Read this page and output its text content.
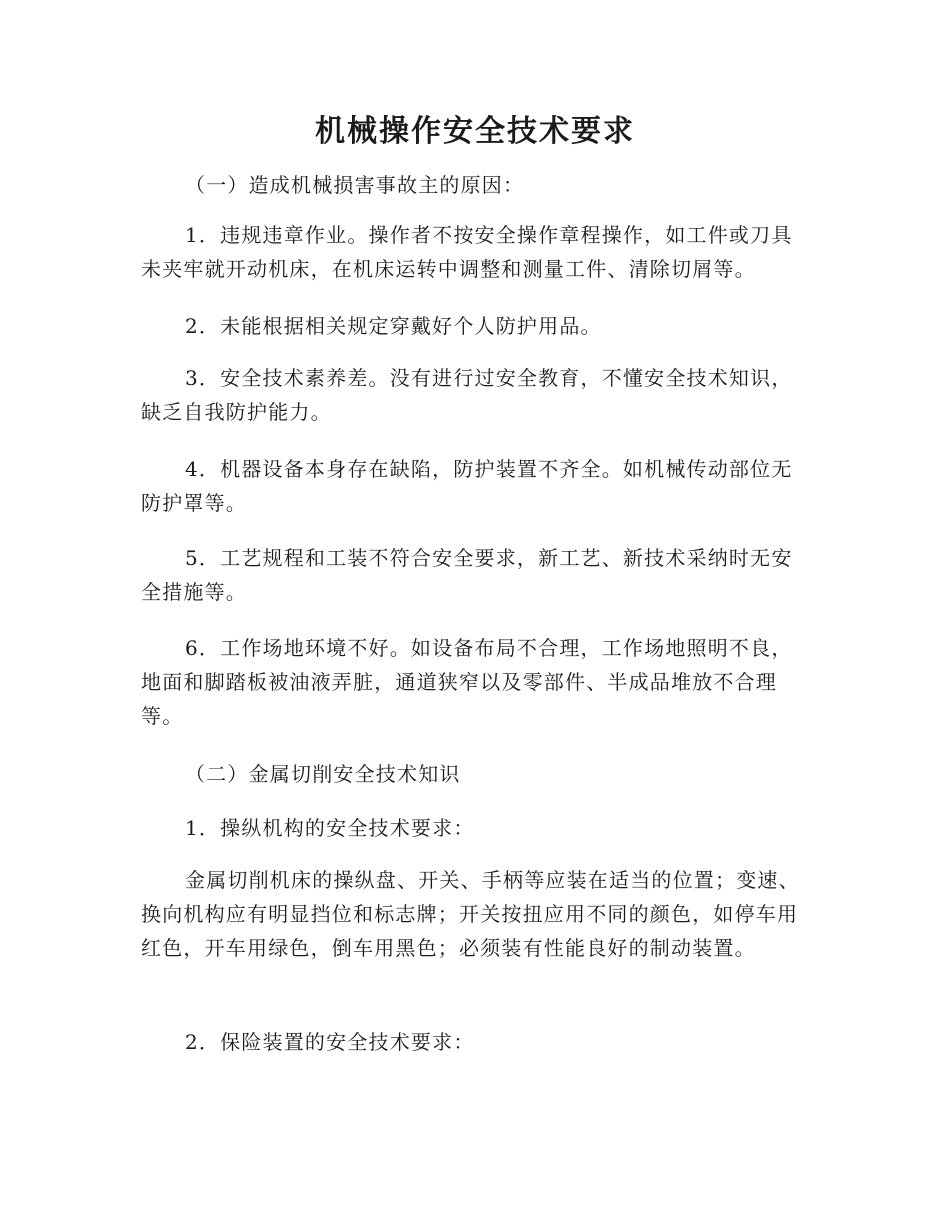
机械操作安全技术要求

（一）造成机械损害事故主的原因：

1．违规违章作业。操作者不按安全操作章程操作，如工件或刀具未夹牢就开动机床，在机床运转中调整和测量工件、清除切屑等。

2．未能根据相关规定穿戴好个人防护用品。

3．安全技术素养差。没有进行过安全教育，不懂安全技术知识，缺乏自我防护能力。

4．机器设备本身存在缺陷，防护装置不齐全。如机械传动部位无防护罩等。

5．工艺规程和工装不符合安全要求，新工艺、新技术采纳时无安全措施等。

6．工作场地环境不好。如设备布局不合理，工作场地照明不良，地面和脚踏板被油液弄脏，通道狭窄以及零部件、半成品堆放不合理等。

（二）金属切削安全技术知识

1．操纵机构的安全技术要求：

金属切削机床的操纵盘、开关、手柄等应装在适当的位置；变速、换向机构应有明显挡位和标志牌；开关按扭应用不同的颜色，如停车用红色，开车用绿色，倒车用黑色；必须装有性能良好的制动装置。

2．保险装置的安全技术要求：
